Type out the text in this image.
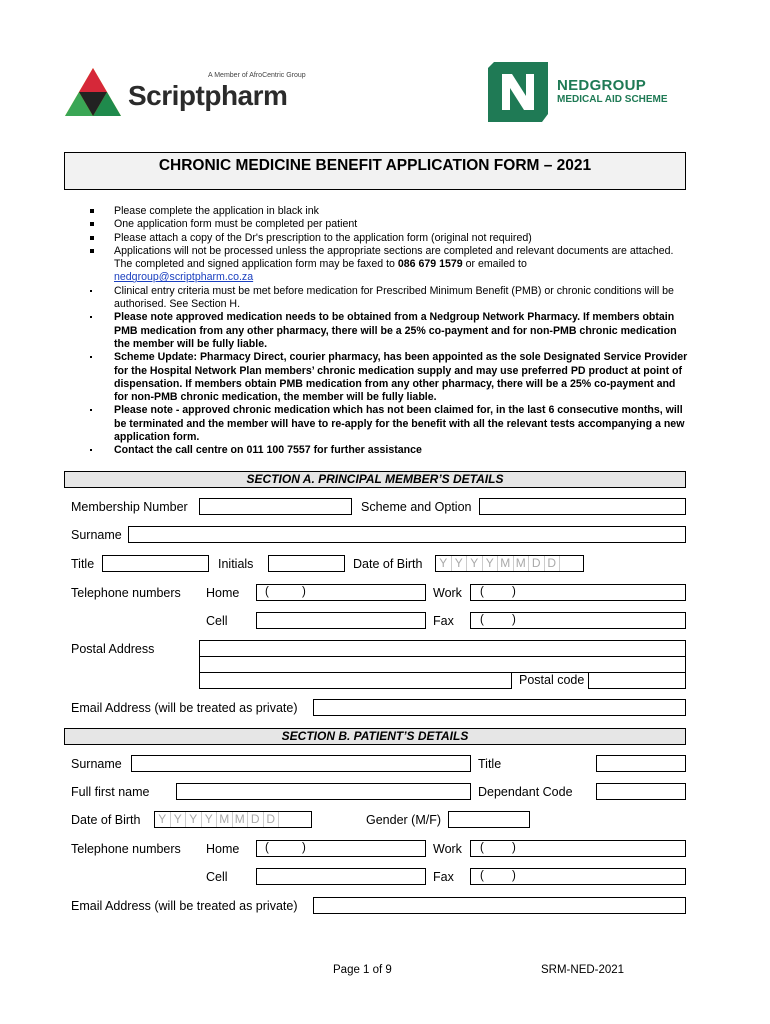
A Member of AfroCentric Group
Scriptpharm	NEDGROUP
MEDICAL AID SCHEME
CHRONIC MEDICINE BENEFIT APPLICATION FORM – 2021
Please complete the application in black ink
One application form must be completed per patient
Please attach a copy of the Dr's prescription to the application form (original not required)
Applications will not be processed unless the appropriate sections are completed and relevant documents are attached. The completed and signed application form may be faxed to 086 679 1579 or emailed to
nedgroup@scriptpharm.co.za
Clinical entry criteria must be met before medication for Prescribed Minimum Benefit (PMB) or chronic conditions will be authorised. See Section H.
Please note approved medication needs to be obtained from a Nedgroup Network Pharmacy. If members obtain PMB medication from any other pharmacy, there will be a 25% co-payment and for non-PMB chronic medication the member will be fully liable.
Scheme Update: Pharmacy Direct, courier pharmacy, has been appointed as the sole Designated Service Provider for the Hospital Network Plan members’ chronic medication supply and may use preferred PD product at point of dispensation. If members obtain PMB medication from any other pharmacy, there will be a 25% co-payment and for non-PMB chronic medication, the member will be fully liable.
Please note - approved chronic medication which has not been claimed for, in the last 6 consecutive months, will be terminated and the member will have to re-apply for the benefit with all the relevant tests accompanying a new application form.
Contact the call centre on 011 100 7557 for further assistance
SECTION A. PRINCIPAL MEMBER’S DETAILS
Membership Number	Scheme and Option
Surname
Title	Initials	Date of Birth Y Y Y Y M M D D
Telephone numbers Home (	)	Work ( )
Cell	Fax ( )
Postal Address
Postal code
Email Address (will be treated as private)
SECTION B. PATIENT’S DETAILS
Surname	Title
Full first name	Dependant Code
Date of Birth Y Y Y Y M M D D	Gender (M/F)
Telephone numbers Home (	)	Work ( )
Cell	Fax ( )
Email Address (will be treated as private)
Page 1 of 9	SRM-NED-2021
